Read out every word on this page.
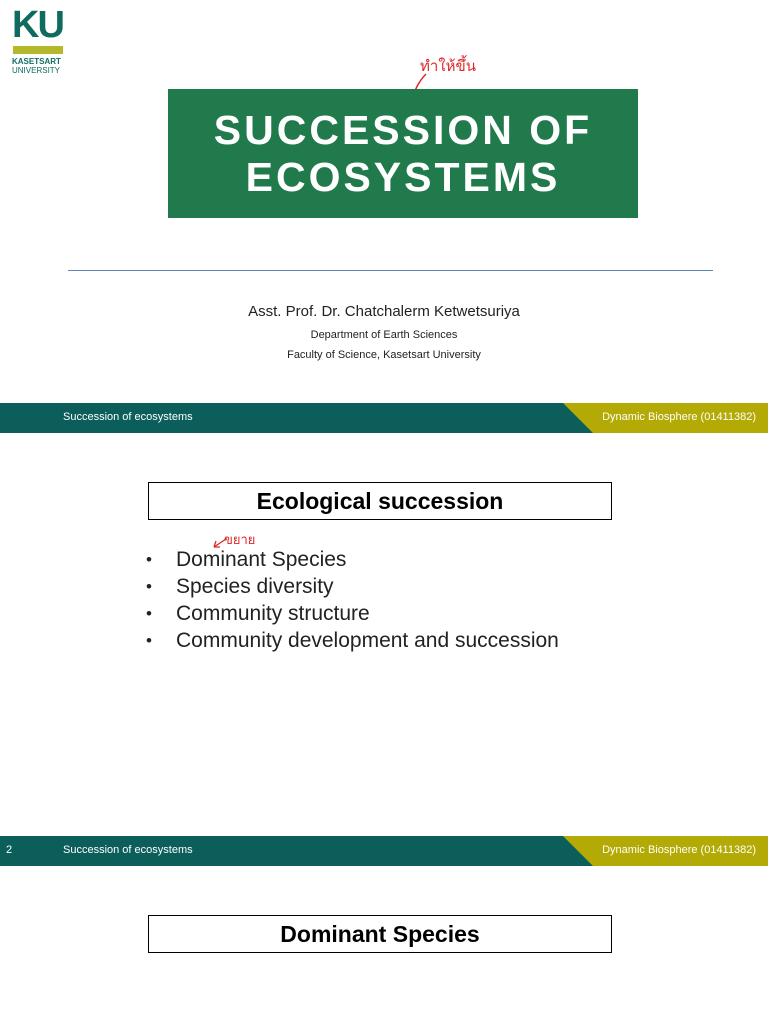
KU
KASETSART
UNIVERSITY	ทำให้ขึ้น
SUCCESSION OF
ECOSYSTEMS
Asst. Prof. Dr. Chatchalerm Ketwetsuriya
Department of Earth Sciences
Faculty of Science, Kasetsart University
Succession of ecosystems	Dynamic Biosphere (01411382)
Ecological succession
ขยาย
• Dominant Species
• Species diversity
• Community structure
• Community development and succession
2	Succession of ecosystems	Dynamic Biosphere (01411382)
Dominant Species
